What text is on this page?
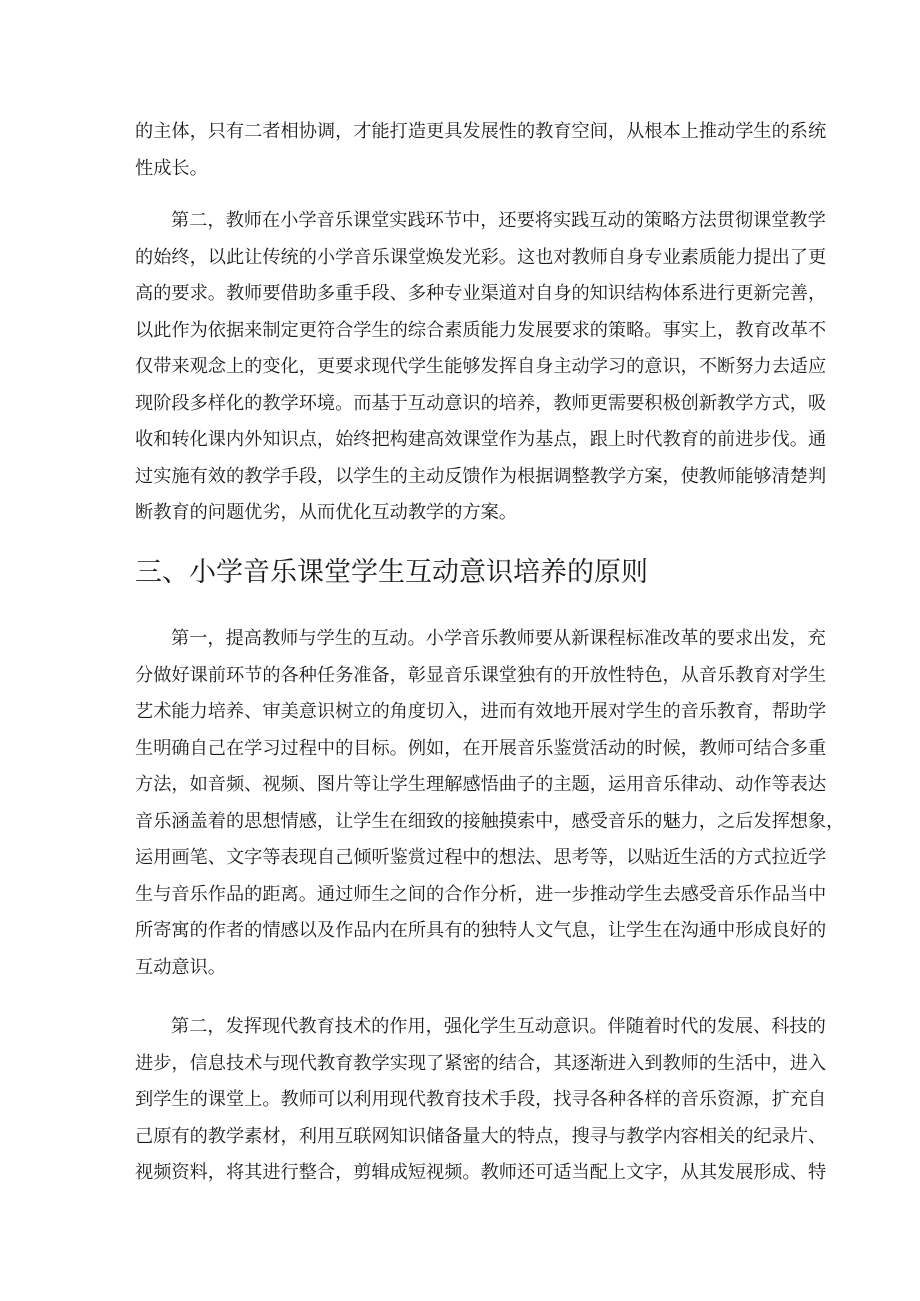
的主体，只有二者相协调，才能打造更具发展性的教育空间，从根本上推动学生的系统
性成长。
第二，教师在小学音乐课堂实践环节中，还要将实践互动的策略方法贯彻课堂教学
的始终，以此让传统的小学音乐课堂焕发光彩。这也对教师自身专业素质能力提出了更
高的要求。教师要借助多重手段、多种专业渠道对自身的知识结构体系进行更新完善，
以此作为依据来制定更符合学生的综合素质能力发展要求的策略。事实上，教育改革不
仅带来观念上的变化，更要求现代学生能够发挥自身主动学习的意识，不断努力去适应
现阶段多样化的教学环境。而基于互动意识的培养，教师更需要积极创新教学方式，吸
收和转化课内外知识点，始终把构建高效课堂作为基点，跟上时代教育的前进步伐。通
过实施有效的教学手段，以学生的主动反馈作为根据调整教学方案，使教师能够清楚判
断教育的问题优劣，从而优化互动教学的方案。
三、小学音乐课堂学生互动意识培养的原则
第一，提高教师与学生的互动。小学音乐教师要从新课程标准改革的要求出发，充
分做好课前环节的各种任务准备，彰显音乐课堂独有的开放性特色，从音乐教育对学生
艺术能力培养、审美意识树立的角度切入，进而有效地开展对学生的音乐教育，帮助学
生明确自己在学习过程中的目标。例如，在开展音乐鉴赏活动的时候，教师可结合多重
方法，如音频、视频、图片等让学生理解感悟曲子的主题，运用音乐律动、动作等表达
音乐涵盖着的思想情感，让学生在细致的接触摸索中，感受音乐的魅力，之后发挥想象，
运用画笔、文字等表现自己倾听鉴赏过程中的想法、思考等，以贴近生活的方式拉近学
生与音乐作品的距离。通过师生之间的合作分析，进一步推动学生去感受音乐作品当中
所寄寓的作者的情感以及作品内在所具有的独特人文气息，让学生在沟通中形成良好的
互动意识。
第二，发挥现代教育技术的作用，强化学生互动意识。伴随着时代的发展、科技的
进步，信息技术与现代教育教学实现了紧密的结合，其逐渐进入到教师的生活中，进入
到学生的课堂上。教师可以利用现代教育技术手段，找寻各种各样的音乐资源，扩充自
己原有的教学素材，利用互联网知识储备量大的特点，搜寻与教学内容相关的纪录片、
视频资料，将其进行整合，剪辑成短视频。教师还可适当配上文字，从其发展形成、特
